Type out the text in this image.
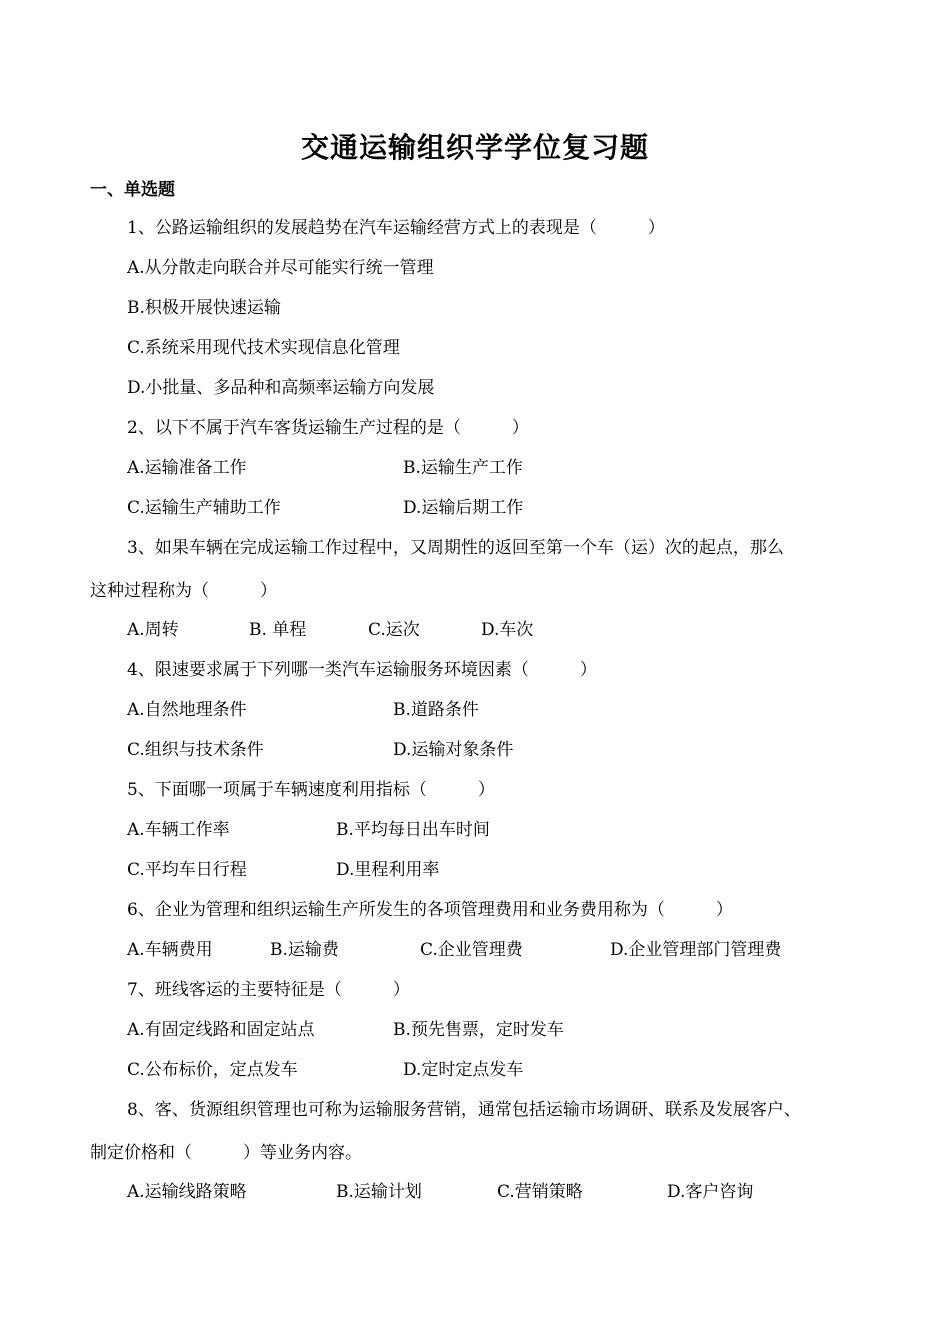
交通运输组织学学位复习题
一、单选题
1、公路运输组织的发展趋势在汽车运输经营方式上的表现是（　　　）
A.从分散走向联合并尽可能实行统一管理
B.积极开展快速运输
C.系统采用现代技术实现信息化管理
D.小批量、多品种和高频率运输方向发展
2、以下不属于汽车客货运输生产过程的是（　　　）
A.运输准备工作	B.运输生产工作
C.运输生产辅助工作	D.运输后期工作
3、如果车辆在完成运输工作过程中，又周期性的返回至第一个车（运）次的起点，那么
这种过程称为（　　　）
A.周转	B. 单程	C.运次	D.车次
4、限速要求属于下列哪一类汽车运输服务环境因素（　　　）
A.自然地理条件	B.道路条件
C.组织与技术条件	D.运输对象条件
5、下面哪一项属于车辆速度利用指标（　　　）
A.车辆工作率	B.平均每日出车时间
C.平均车日行程	D.里程利用率
6、企业为管理和组织运输生产所发生的各项管理费用和业务费用称为（　　　）
A.车辆费用	B.运输费	C.企业管理费	D.企业管理部门管理费
7、班线客运的主要特征是（　　　）
A.有固定线路和固定站点	B.预先售票，定时发车
C.公布标价，定点发车	D.定时定点发车
8、客、货源组织管理也可称为运输服务营销，通常包括运输市场调研、联系及发展客户、
制定价格和（　　　）等业务内容。
A.运输线路策略	B.运输计划	C.营销策略	D.客户咨询
